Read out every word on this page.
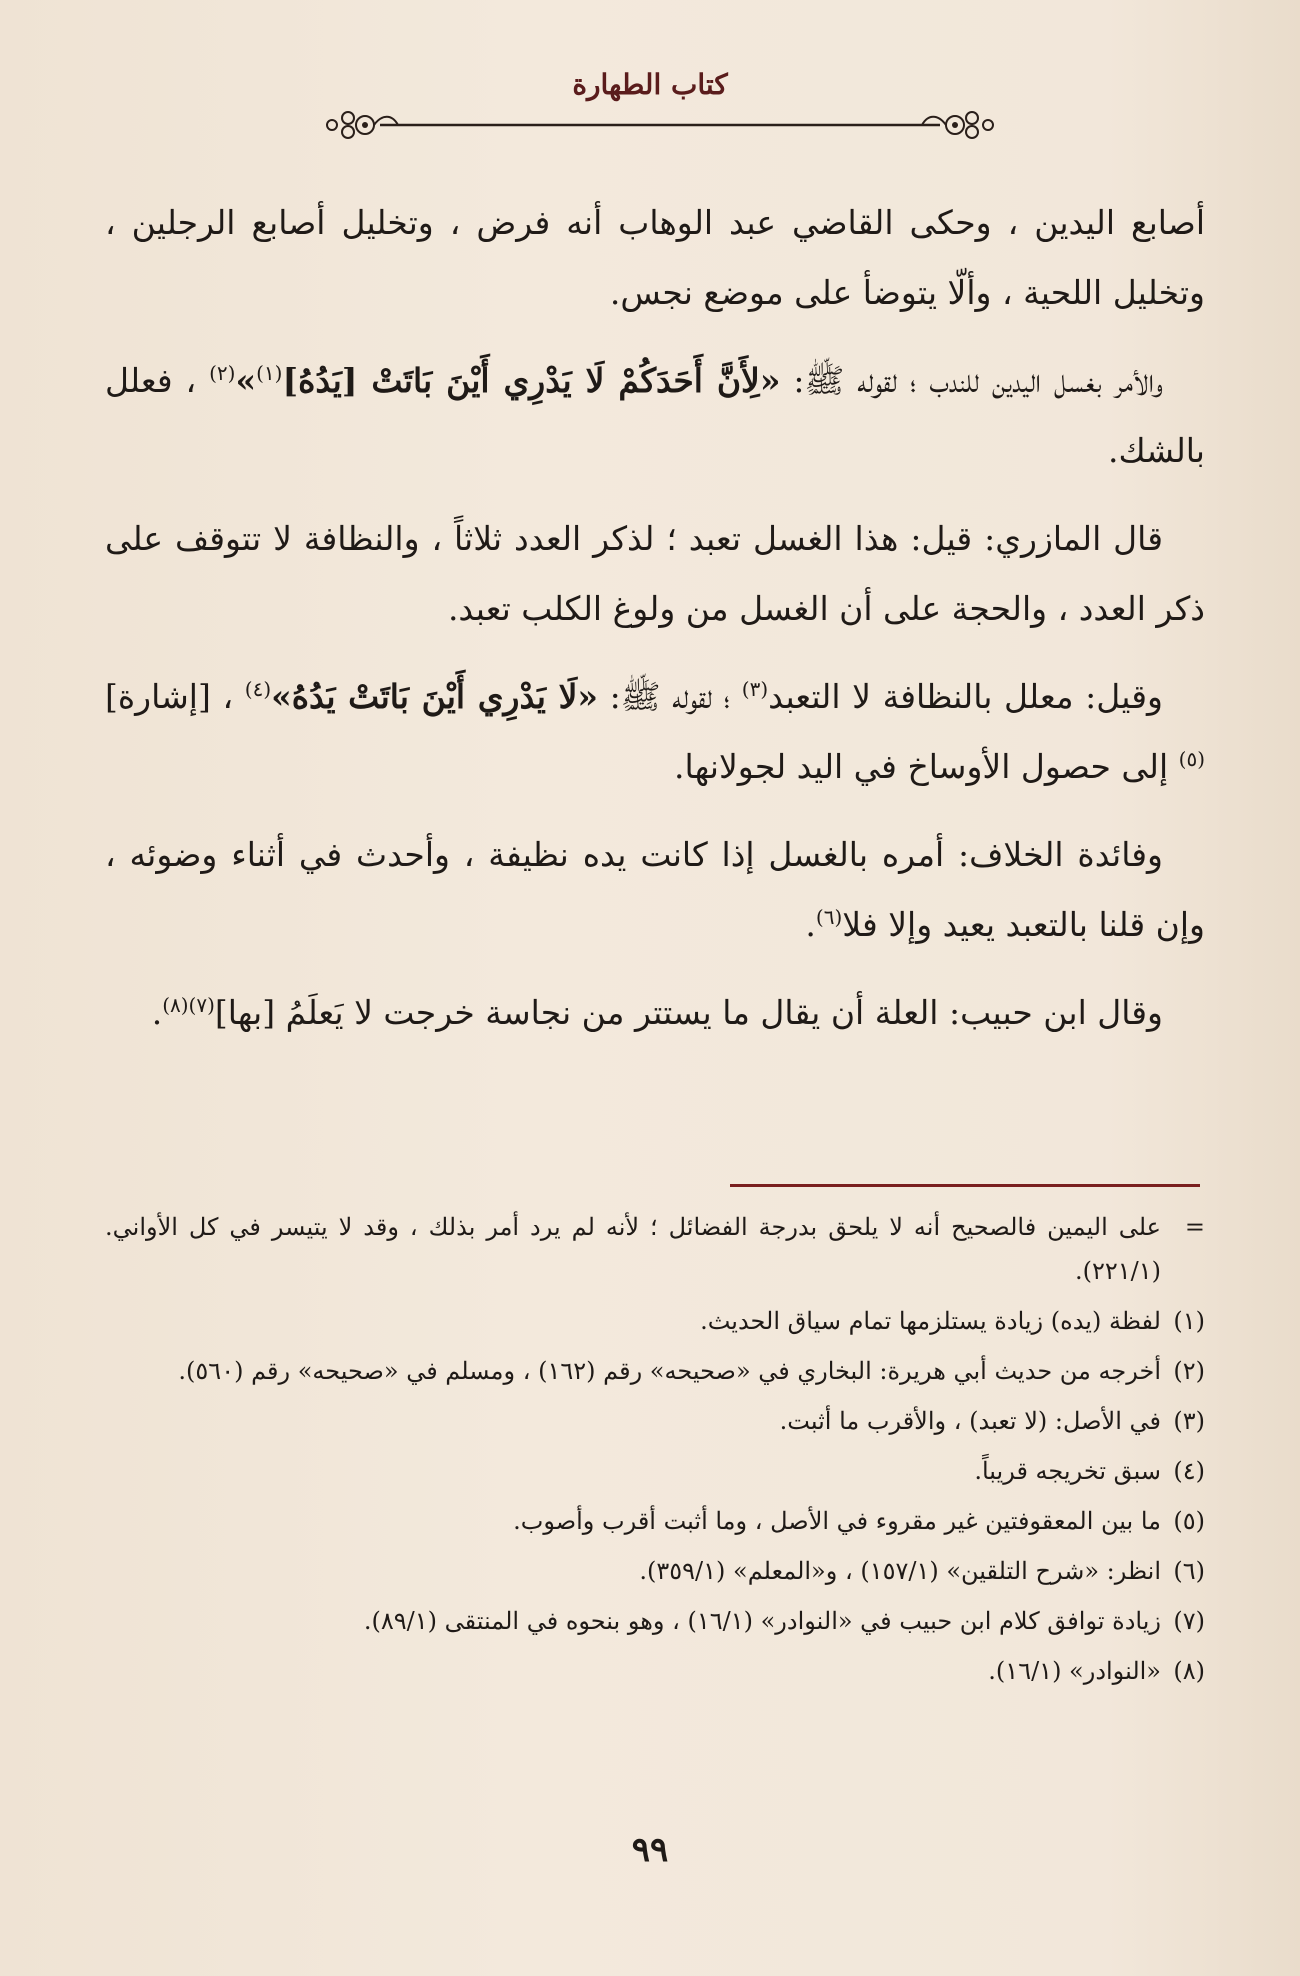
كتاب الطهارة

أصابع اليدين ، وحكى القاضي عبد الوهاب أنه فرض ، وتخليل أصابع الرجلين ، وتخليل اللحية ، وألّا يتوضأ على موضع نجس.

والأمر بغسل اليدين للندب ؛ لقوله ﷺ: «لِأَنَّ أَحَدَكُمْ لَا يَدْرِي أَيْنَ بَاتَتْ [يَدُهُ]$^{(١)}$»$^{(٢)}$ ، فعلل بالشك.

قال المازري: قيل: هذا الغسل تعبد ؛ لذكر العدد ثلاثاً ، والنظافة لا تتوقف على ذكر العدد ، والحجة على أن الغسل من ولوغ الكلب تعبد.

وقيل: معلل بالنظافة لا التعبد$^{(٣)}$ ؛ لقوله ﷺ: «لَا يَدْرِي أَيْنَ بَاتَتْ يَدُهُ»$^{(٤)}$ ، [إشارة]$^{(٥)}$ إلى حصول الأوساخ في اليد لجولانها.

وفائدة الخلاف: أمره بالغسل إذا كانت يده نظيفة ، وأحدث في أثناء وضوئه ، وإن قلنا بالتعبد يعيد وإلا فلا$^{(٦)}$.

وقال ابن حبيب: العلة أن يقال ما يستتر من نجاسة خرجت لا يَعلَمُ [بها]$^{(٧)(٨)}$.

=
على اليمين فالصحيح أنه لا يلحق بدرجة الفضائل ؛ لأنه لم يرد أمر بذلك ، وقد لا يتيسر في كل الأواني. (٢٢١/١).
(١)
لفظة (يده) زيادة يستلزمها تمام سياق الحديث.
(٢)
أخرجه من حديث أبي هريرة: البخاري في «صحيحه» رقم (١٦٢) ، ومسلم في «صحيحه» رقم (٥٦٠).
(٣)
في الأصل: (لا تعبد) ، والأقرب ما أثبت.
(٤)
سبق تخريجه قريباً.
(٥)
ما بين المعقوفتين غير مقروء في الأصل ، وما أثبت أقرب وأصوب.
(٦)
انظر: «شرح التلقين» (١٥٧/١) ، و«المعلم» (٣٥٩/١).
(٧)
زيادة توافق كلام ابن حبيب في «النوادر» (١٦/١) ، وهو بنحوه في المنتقى (٨٩/١).
(٨)
«النوادر» (١٦/١).
٩٩
